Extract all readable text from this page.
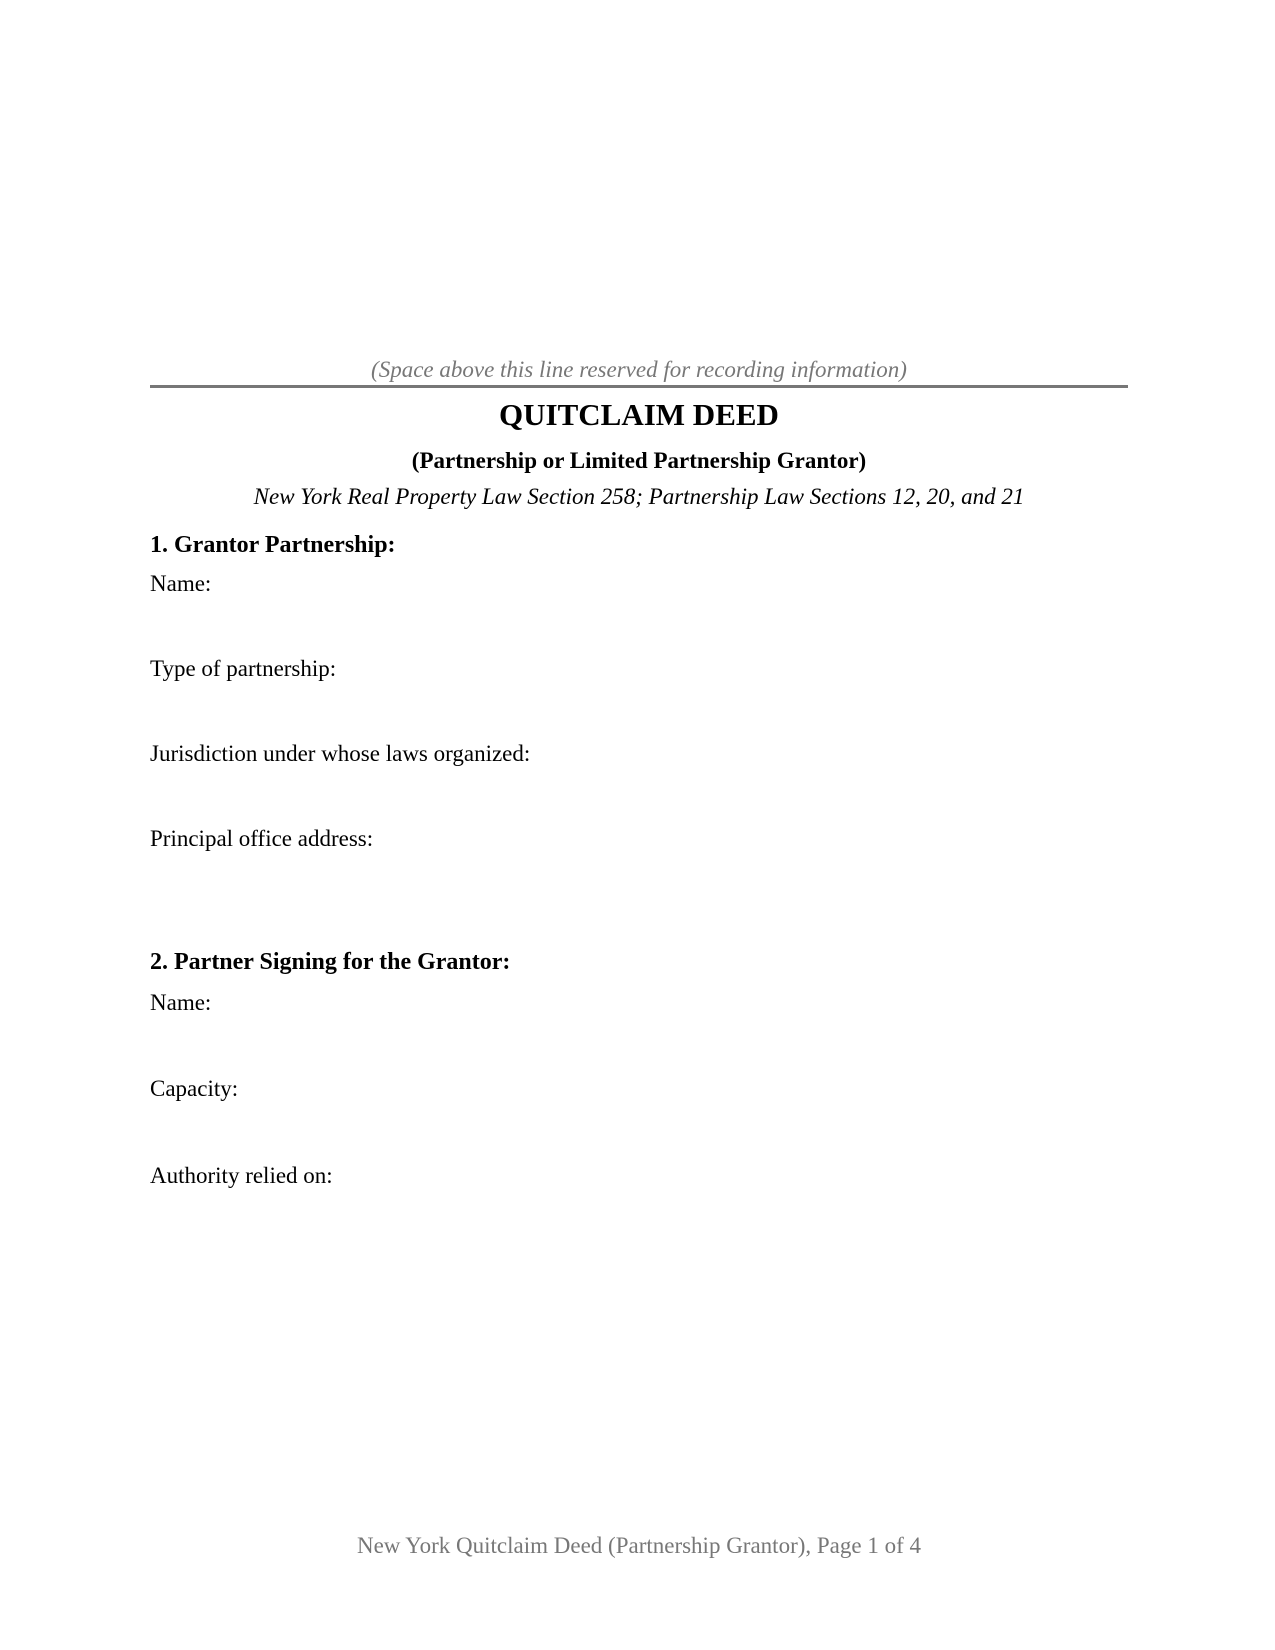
(Space above this line reserved for recording information)
QUITCLAIM DEED
(Partnership or Limited Partnership Grantor)
New York Real Property Law Section 258; Partnership Law Sections 12, 20, and 21
1. Grantor Partnership:
Name:
Type of partnership:
Jurisdiction under whose laws organized:
Principal office address:
2. Partner Signing for the Grantor:
Name:
Capacity:
Authority relied on:
New York Quitclaim Deed (Partnership Grantor), Page 1 of 4
